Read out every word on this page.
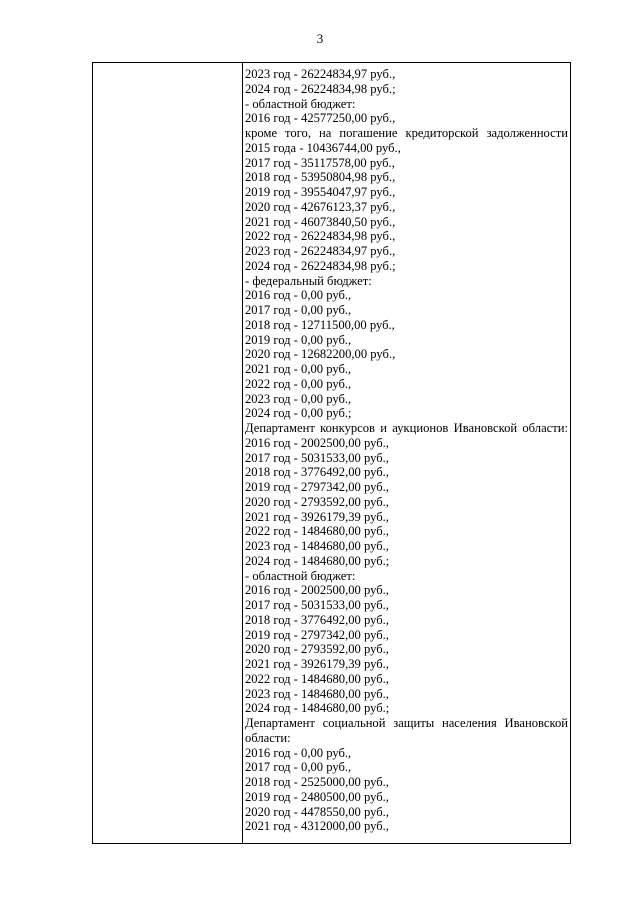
3
2023 год - 26224834,97 руб.,
2024 год - 26224834,98 руб.;
- областной бюджет:
2016 год - 42577250,00 руб.,
кроме того, на погашение кредиторской задолженности
2015 года - 10436744,00 руб.,
2017 год - 35117578,00 руб.,
2018 год - 53950804,98 руб.,
2019 год - 39554047,97 руб.,
2020 год - 42676123,37 руб.,
2021 год - 46073840,50 руб.,
2022 год - 26224834,98 руб.,
2023 год - 26224834,97 руб.,
2024 год - 26224834,98 руб.;
- федеральный бюджет:
2016 год - 0,00 руб.,
2017 год - 0,00 руб.,
2018 год - 12711500,00 руб.,
2019 год - 0,00 руб.,
2020 год - 12682200,00 руб.,
2021 год - 0,00 руб.,
2022 год - 0,00 руб.,
2023 год - 0,00 руб.,
2024 год - 0,00 руб.;
Департамент конкурсов и аукционов Ивановской области:
2016 год - 2002500,00 руб.,
2017 год - 5031533,00 руб.,
2018 год - 3776492,00 руб.,
2019 год - 2797342,00 руб.,
2020 год - 2793592,00 руб.,
2021 год - 3926179,39 руб.,
2022 год - 1484680,00 руб.,
2023 год - 1484680,00 руб.,
2024 год - 1484680,00 руб.;
- областной бюджет:
2016 год - 2002500,00 руб.,
2017 год - 5031533,00 руб.,
2018 год - 3776492,00 руб.,
2019 год - 2797342,00 руб.,
2020 год - 2793592,00 руб.,
2021 год - 3926179,39 руб.,
2022 год - 1484680,00 руб.,
2023 год - 1484680,00 руб.,
2024 год - 1484680,00 руб.;
Департамент социальной защиты населения Ивановской
области:
2016 год - 0,00 руб.,
2017 год - 0,00 руб.,
2018 год - 2525000,00 руб.,
2019 год - 2480500,00 руб.,
2020 год - 4478550,00 руб.,
2021 год - 4312000,00 руб.,
